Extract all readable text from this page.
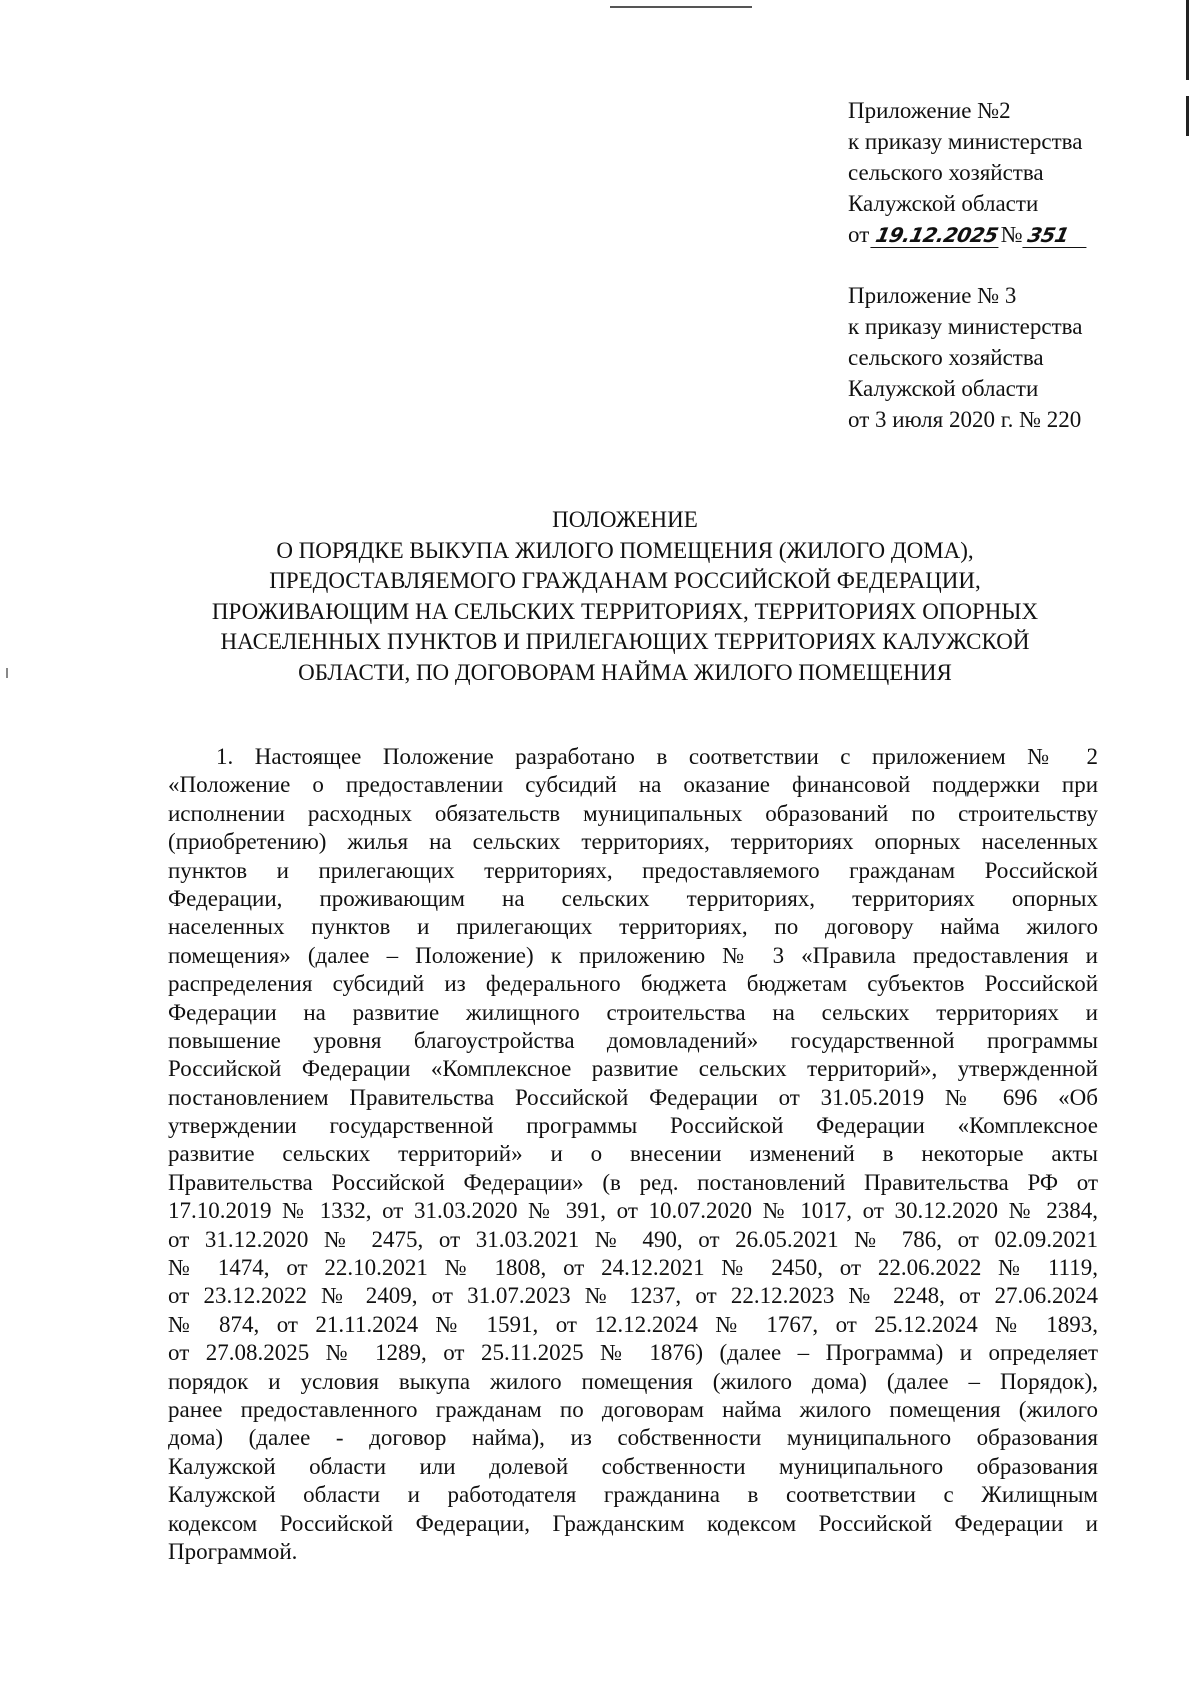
Приложение №2
к приказу министерства
сельского хозяйства
Калужской области
от 19.12.2025№ 351
Приложение № 3
к приказу министерства
сельского хозяйства
Калужской области
от 3 июля 2020 г. № 220
ПОЛОЖЕНИЕ
О ПОРЯДКЕ ВЫКУПА ЖИЛОГО ПОМЕЩЕНИЯ (ЖИЛОГО ДОМА),
ПРЕДОСТАВЛЯЕМОГО ГРАЖДАНАМ РОССИЙСКОЙ ФЕДЕРАЦИИ,
ПРОЖИВАЮЩИМ НА СЕЛЬСКИХ ТЕРРИТОРИЯХ, ТЕРРИТОРИЯХ ОПОРНЫХ
НАСЕЛЕННЫХ ПУНКТОВ И ПРИЛЕГАЮЩИХ ТЕРРИТОРИЯХ КАЛУЖСКОЙ
ОБЛАСТИ, ПО ДОГОВОРАМ НАЙМА ЖИЛОГО ПОМЕЩЕНИЯ
1. Настоящее Положение разработано в соответствии с приложением № 2
«Положение о предоставлении субсидий на оказание финансовой поддержки при
исполнении расходных обязательств муниципальных образований по строительству
(приобретению) жилья на сельских территориях, территориях опорных населенных
пунктов и прилегающих территориях, предоставляемого гражданам Российской
Федерации, проживающим на сельских территориях, территориях опорных
населенных пунктов и прилегающих территориях, по договору найма жилого
помещения» (далее – Положение) к приложению № 3 «Правила предоставления и
распределения субсидий из федерального бюджета бюджетам субъектов Российской
Федерации на развитие жилищного строительства на сельских территориях и
повышение уровня благоустройства домовладений» государственной программы
Российской Федерации «Комплексное развитие сельских территорий», утвержденной
постановлением Правительства Российской Федерации от 31.05.2019 № 696 «Об
утверждении государственной программы Российской Федерации «Комплексное
развитие сельских территорий» и о внесении изменений в некоторые акты
Правительства Российской Федерации» (в ред. постановлений Правительства РФ от
17.10.2019 № 1332, от 31.03.2020 № 391, от 10.07.2020 № 1017, от 30.12.2020 № 2384,
от 31.12.2020 № 2475, от 31.03.2021 № 490, от 26.05.2021 № 786, от 02.09.2021
№ 1474, от 22.10.2021 № 1808, от 24.12.2021 № 2450, от 22.06.2022 № 1119,
от 23.12.2022 № 2409, от 31.07.2023 № 1237, от 22.12.2023 № 2248, от 27.06.2024
№ 874, от 21.11.2024 № 1591, от 12.12.2024 № 1767, от 25.12.2024 № 1893,
от 27.08.2025 № 1289, от 25.11.2025 № 1876) (далее – Программа) и определяет
порядок и условия выкупа жилого помещения (жилого дома) (далее – Порядок),
ранее предоставленного гражданам по договорам найма жилого помещения (жилого
дома) (далее - договор найма), из собственности муниципального образования
Калужской области или долевой собственности муниципального образования
Калужской области и работодателя гражданина в соответствии с Жилищным
кодексом Российской Федерации, Гражданским кодексом Российской Федерации и
Программой.
